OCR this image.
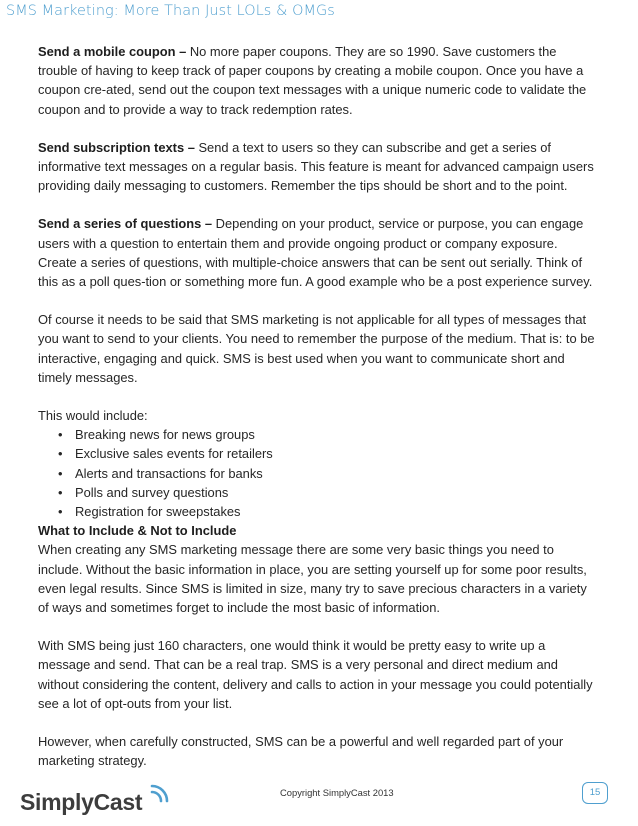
SMS Marketing: More Than Just LOLs & OMGs

Send a mobile coupon – No more paper coupons. They are so 1990. Save customers the trouble of having to keep track of paper coupons by creating a mobile coupon. Once you have a coupon cre-ated, send out the coupon text messages with a unique numeric code to validate the coupon and to provide a way to track redemption rates.

Send subscription texts – Send a text to users so they can subscribe and get a series of informative text messages on a regular basis. This feature is meant for advanced campaign users providing daily messaging to customers. Remember the tips should be short and to the point.

Send a series of questions – Depending on your product, service or purpose, you can engage users with a question to entertain them and provide ongoing product or company exposure. Create a series of questions, with multiple-choice answers that can be sent out serially. Think of this as a poll ques-tion or something more fun. A good example who be a post experience survey.

Of course it needs to be said that SMS marketing is not applicable for all types of messages that you want to send to your clients. You need to remember the purpose of the medium. That is: to be interactive, engaging and quick. SMS is best used when you want to communicate short and timely messages.

This would include:

• Breaking news for news groups
• Exclusive sales events for retailers
• Alerts and transactions for banks
• Polls and survey questions
• Registration for sweepstakes

What to Include & Not to Include

When creating any SMS marketing message there are some very basic things you need to include. Without the basic information in place, you are setting yourself up for some poor results, even legal results. Since SMS is limited in size, many try to save precious characters in a variety of ways and sometimes forget to include the most basic of information.

With SMS being just 160 characters, one would think it would be pretty easy to write up a message and send. That can be a real trap. SMS is a very personal and direct medium and without considering the content, delivery and calls to action in your message you could potentially see a lot of opt-outs from your list.

However, when carefully constructed, SMS can be a powerful and well regarded part of your marketing strategy.

SimplyCast	Copyright SimplyCast 2013	15
